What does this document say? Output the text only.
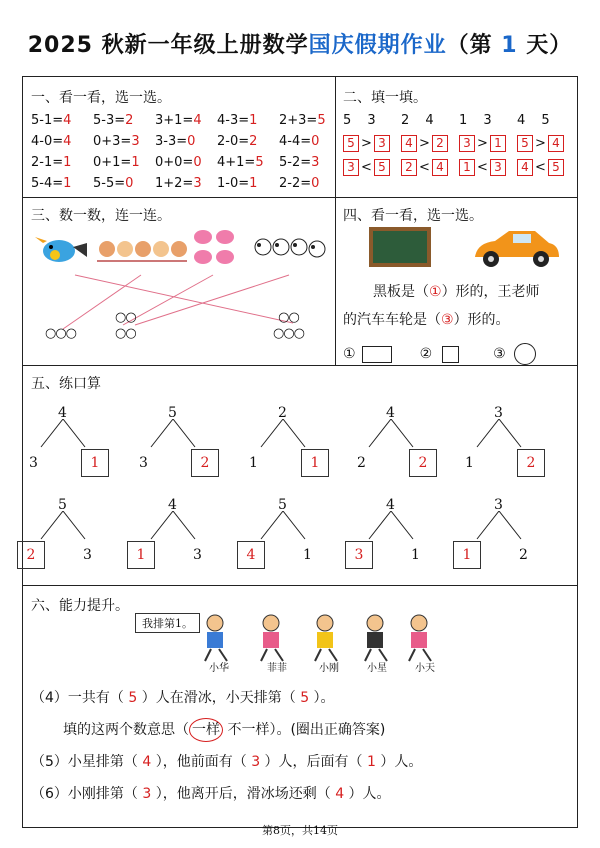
2025 秋新一年级上册数学国庆假期作业（第 1 天）
一、看一看，选一选。
5-1=4 5-3=2 3+1=4 4-3=1 2+3=5
4-0=4 0+3=3 3-3=0 2-0=2 4-4=0
2-1=1 0+1=1 0+0=0 4+1=5 5-2=3
5-4=1 5-5=0 1+2=3 1-0=1 2-2=0
二、填一填。
5 3 2 4 1 3 4 5
5 > 3	4 > 2	3 > 1	5 > 4
3 < 5	2 < 4	1 < 3	4 < 5
三、数一数，连一连。
○○○
○○
○○
○○
○○○
四、看一看，选一选。
黑板是（①）形的，王老师
的汽车车轮是（③）形的。
①	②	③
五、练口算
4
3	1
5
3	2
2
1	1
4
2	2
3
1	2
5
2	3
4
1	3
5
4	1
4
3	1
3
1	2
六、能力提升。
我排第1。
小华	菲菲	小刚	小星	小天
（4）一共有（ 5 ）人在滑冰，小天排第（ 5 ）。
填的这两个数意思（ 一样 不一样）。(圈出正确答案)
（5）小星排第（ 4 ），他前面有（ 3 ）人，后面有（ 1 ）人。
（6）小刚排第（ 3 ），他离开后，滑冰场还剩（ 4 ）人。
第8页，共14页
